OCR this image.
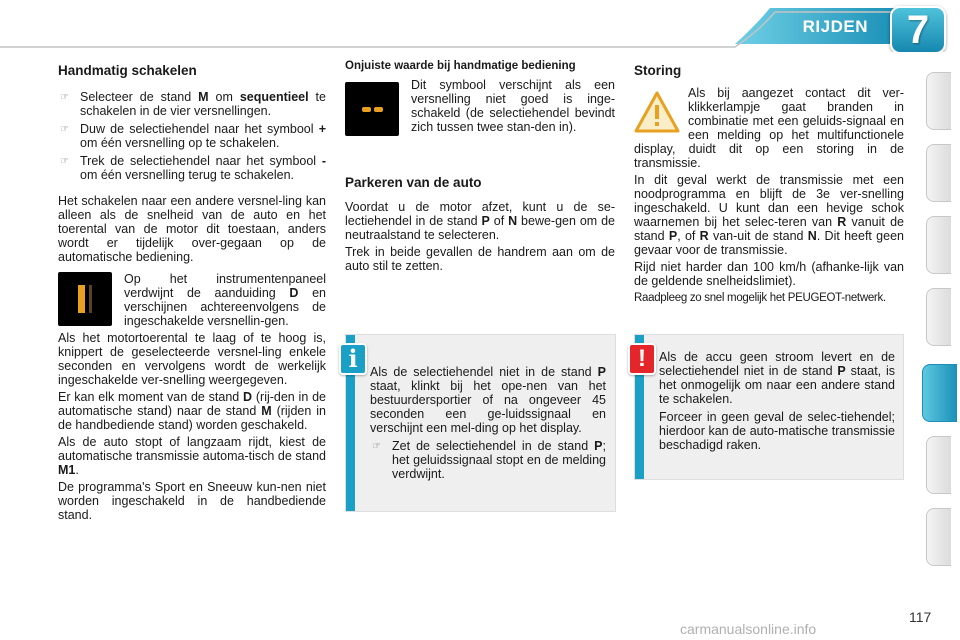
RIJDEN 7
Handmatig schakelen
☞ Selecteer de stand M om sequentieel te schakelen in de vier versnellingen.
☞ Duw de selectiehendel naar het symbool + om één versnelling op te schakelen.
☞ Trek de selectiehendel naar het symbool - om één versnelling terug te schakelen.

Het schakelen naar een andere versnel-ling kan alleen als de snelheid van de auto en het toerental van de motor dit toestaan, anders wordt er tijdelijk over-gegaan op de automatische bediening.

Op het instrumentenpaneel verdwijnt de aanduiding D en verschijnen achtereenvolgens de ingeschakelde versnellin-gen.

Als het motortoerental te laag of te hoog is, knippert de geselecteerde versnel-ling enkele seconden en vervolgens wordt de werkelijk ingeschakelde ver-snelling weergegeven.

Er kan elk moment van de stand D (rij-den in de automatische stand) naar de stand M (rijden in de handbediende stand) worden geschakeld.

Als de auto stopt of langzaam rijdt, kiest de automatische transmissie automa-tisch de stand M1.

De programma's Sport en Sneeuw kun-nen niet worden ingeschakeld in de handbediende stand.

Onjuiste waarde bij handmatige bediening

Dit symbool verschijnt als een versnelling niet goed is inge-schakeld (de selectiehendel bevindt zich tussen twee stan-den in).

Parkeren van de auto

Voordat u de motor afzet, kunt u de se-lectiehendel in de stand P of N bewe-gen om de neutraalstand te selecteren.

Trek in beide gevallen de handrem aan om de auto stil te zetten.

i Als de selectiehendel niet in de stand P staat, klinkt bij het ope-nen van het bestuurdersportier of na ongeveer 45 seconden een ge-luidssignaal en verschijnt een mel-ding op het display.

☞ Zet de selectiehendel in de stand P; het geluidssignaal stopt en de melding verdwijnt.
Storing

Als bij aangezet contact dit ver-klikkerlampje gaat branden in combinatie met een geluids-signaal en een melding op het multifunctionele display, duidt dit op een storing in de transmissie.

In dit geval werkt de transmissie met een noodprogramma en blijft de 3e ver-snelling ingeschakeld. U kunt dan een hevige schok waarnemen bij het selec-teren van R vanuit de stand P, of R van-uit de stand N. Dit heeft geen gevaar voor de transmissie.

Rijd niet harder dan 100 km/h (afhanke-lijk van de geldende snelheidslimiet).

Raadpleeg zo snel mogelijk het PEUGEOT-netwerk.

!	Als de accu geen stroom levert en de selectiehendel niet in de stand P staat, is het onmogelijk om naar een andere stand te schakelen.

Forceer in geen geval de selec-tiehendel; hierdoor kan de auto-matische transmissie beschadigd raken.

117
carmanualsonline.info
